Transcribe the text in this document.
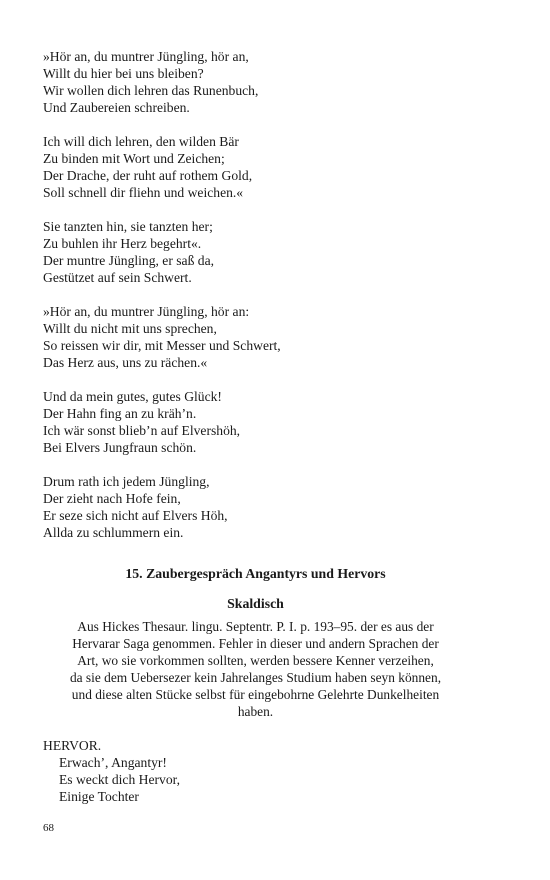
»Hör an, du muntrer Jüngling, hör an,
Willt du hier bei uns bleiben?
Wir wollen dich lehren das Runenbuch,
Und Zaubereien schreiben.
Ich will dich lehren, den wilden Bär
Zu binden mit Wort und Zeichen;
Der Drache, der ruht auf rothem Gold,
Soll schnell dir fliehn und weichen.«
Sie tanzten hin, sie tanzten her;
Zu buhlen ihr Herz begehrt«.
Der muntre Jüngling, er saß da,
Gestützet auf sein Schwert.
»Hör an, du muntrer Jüngling, hör an:
Willt du nicht mit uns sprechen,
So reissen wir dir, mit Messer und Schwert,
Das Herz aus, uns zu rächen.«
Und da mein gutes, gutes Glück!
Der Hahn fing an zu kräh’n.
Ich wär sonst blieb’n auf Elvershöh,
Bei Elvers Jungfraun schön.
Drum rath ich jedem Jüngling,
Der zieht nach Hofe fein,
Er seze sich nicht auf Elvers Höh,
Allda zu schlummern ein.
15. Zaubergespräch Angantyrs und Hervors
Skaldisch
Aus Hickes Thesaur. lingu. Septentr. P. I. p. 193–95. der es aus der
Hervarar Saga genommen. Fehler in dieser und andern Sprachen der
Art, wo sie vorkommen sollten, werden bessere Kenner verzeihen,
da sie dem Uebersezer kein Jahrelanges Studium haben seyn können,
und diese alten Stücke selbst für eingebohrne Gelehrte Dunkelheiten
haben.
HERVOR.
Erwach’, Angantyr!
Es weckt dich Hervor,
Einige Tochter
68
